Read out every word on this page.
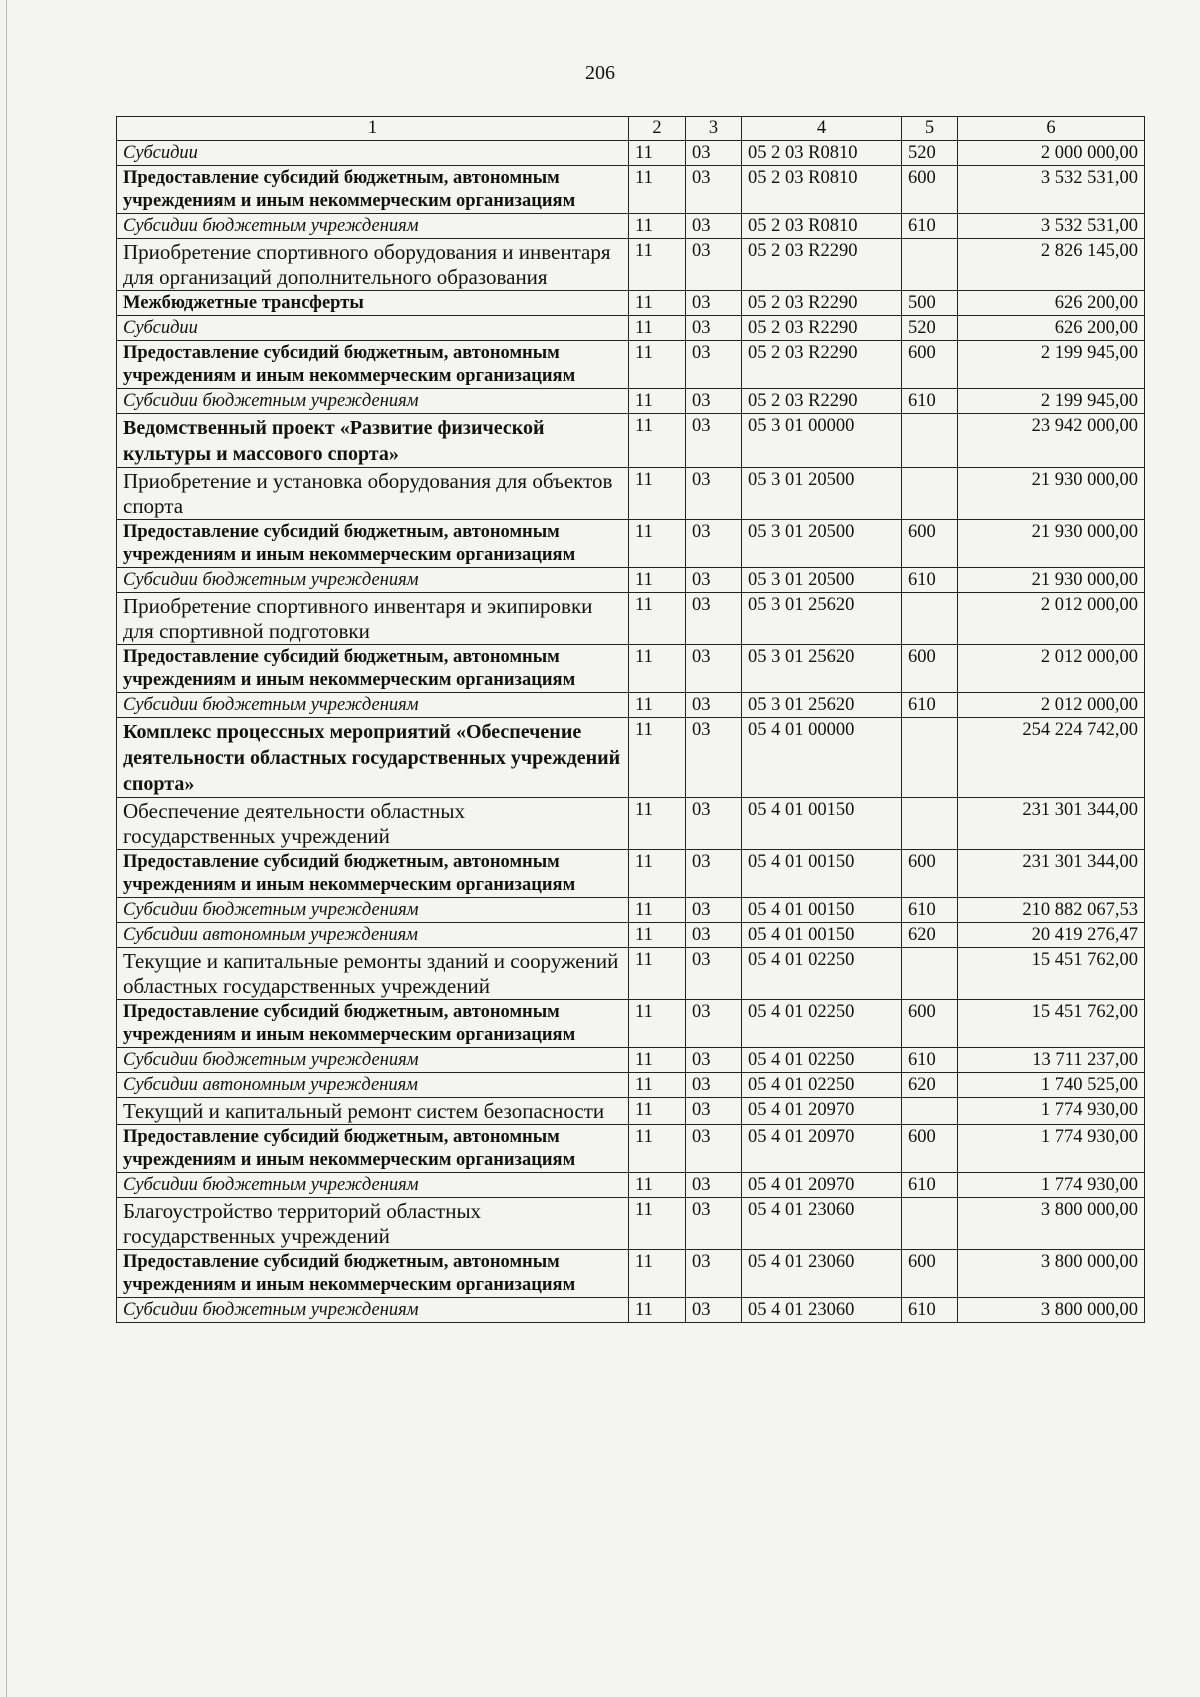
206
1	2	3	4	5	6
Субсидии	11	03	05 2 03 R0810	520	2 000 000,00
Предоставление субсидий бюджетным, автономным учреждениям и иным некоммерческим организациям	11	03	05 2 03 R0810	600	3 532 531,00
Субсидии бюджетным учреждениям	11	03	05 2 03 R0810	610	3 532 531,00
Приобретение спортивного оборудования и инвентаря для организаций дополнительного образования	11	03	05 2 03 R2290		2 826 145,00
Межбюджетные трансферты	11	03	05 2 03 R2290	500	626 200,00
Субсидии	11	03	05 2 03 R2290	520	626 200,00
Предоставление субсидий бюджетным, автономным учреждениям и иным некоммерческим организациям	11	03	05 2 03 R2290	600	2 199 945,00
Субсидии бюджетным учреждениям	11	03	05 2 03 R2290	610	2 199 945,00
Ведомственный проект «Развитие физической культуры и массового спорта»	11	03	05 3 01 00000		23 942 000,00
Приобретение и установка оборудования для объектов спорта	11	03	05 3 01 20500		21 930 000,00
Предоставление субсидий бюджетным, автономным учреждениям и иным некоммерческим организациям	11	03	05 3 01 20500	600	21 930 000,00
Субсидии бюджетным учреждениям	11	03	05 3 01 20500	610	21 930 000,00
Приобретение спортивного инвентаря и экипировки для спортивной подготовки	11	03	05 3 01 25620		2 012 000,00
Предоставление субсидий бюджетным, автономным учреждениям и иным некоммерческим организациям	11	03	05 3 01 25620	600	2 012 000,00
Субсидии бюджетным учреждениям	11	03	05 3 01 25620	610	2 012 000,00
Комплекс процессных мероприятий «Обеспечение деятельности областных государственных учреждений спорта»	11	03	05 4 01 00000		254 224 742,00
Обеспечение деятельности областных государственных учреждений	11	03	05 4 01 00150		231 301 344,00
Предоставление субсидий бюджетным, автономным учреждениям и иным некоммерческим организациям	11	03	05 4 01 00150	600	231 301 344,00
Субсидии бюджетным учреждениям	11	03	05 4 01 00150	610	210 882 067,53
Субсидии автономным учреждениям	11	03	05 4 01 00150	620	20 419 276,47
Текущие и капитальные ремонты зданий и сооружений областных государственных учреждений	11	03	05 4 01 02250		15 451 762,00
Предоставление субсидий бюджетным, автономным учреждениям и иным некоммерческим организациям	11	03	05 4 01 02250	600	15 451 762,00
Субсидии бюджетным учреждениям	11	03	05 4 01 02250	610	13 711 237,00
Субсидии автономным учреждениям	11	03	05 4 01 02250	620	1 740 525,00
Текущий и капитальный ремонт систем безопасности	11	03	05 4 01 20970		1 774 930,00
Предоставление субсидий бюджетным, автономным учреждениям и иным некоммерческим организациям	11	03	05 4 01 20970	600	1 774 930,00
Субсидии бюджетным учреждениям	11	03	05 4 01 20970	610	1 774 930,00
Благоустройство территорий областных государственных учреждений	11	03	05 4 01 23060		3 800 000,00
Предоставление субсидий бюджетным, автономным учреждениям и иным некоммерческим организациям	11	03	05 4 01 23060	600	3 800 000,00
Субсидии бюджетным учреждениям	11	03	05 4 01 23060	610	3 800 000,00
